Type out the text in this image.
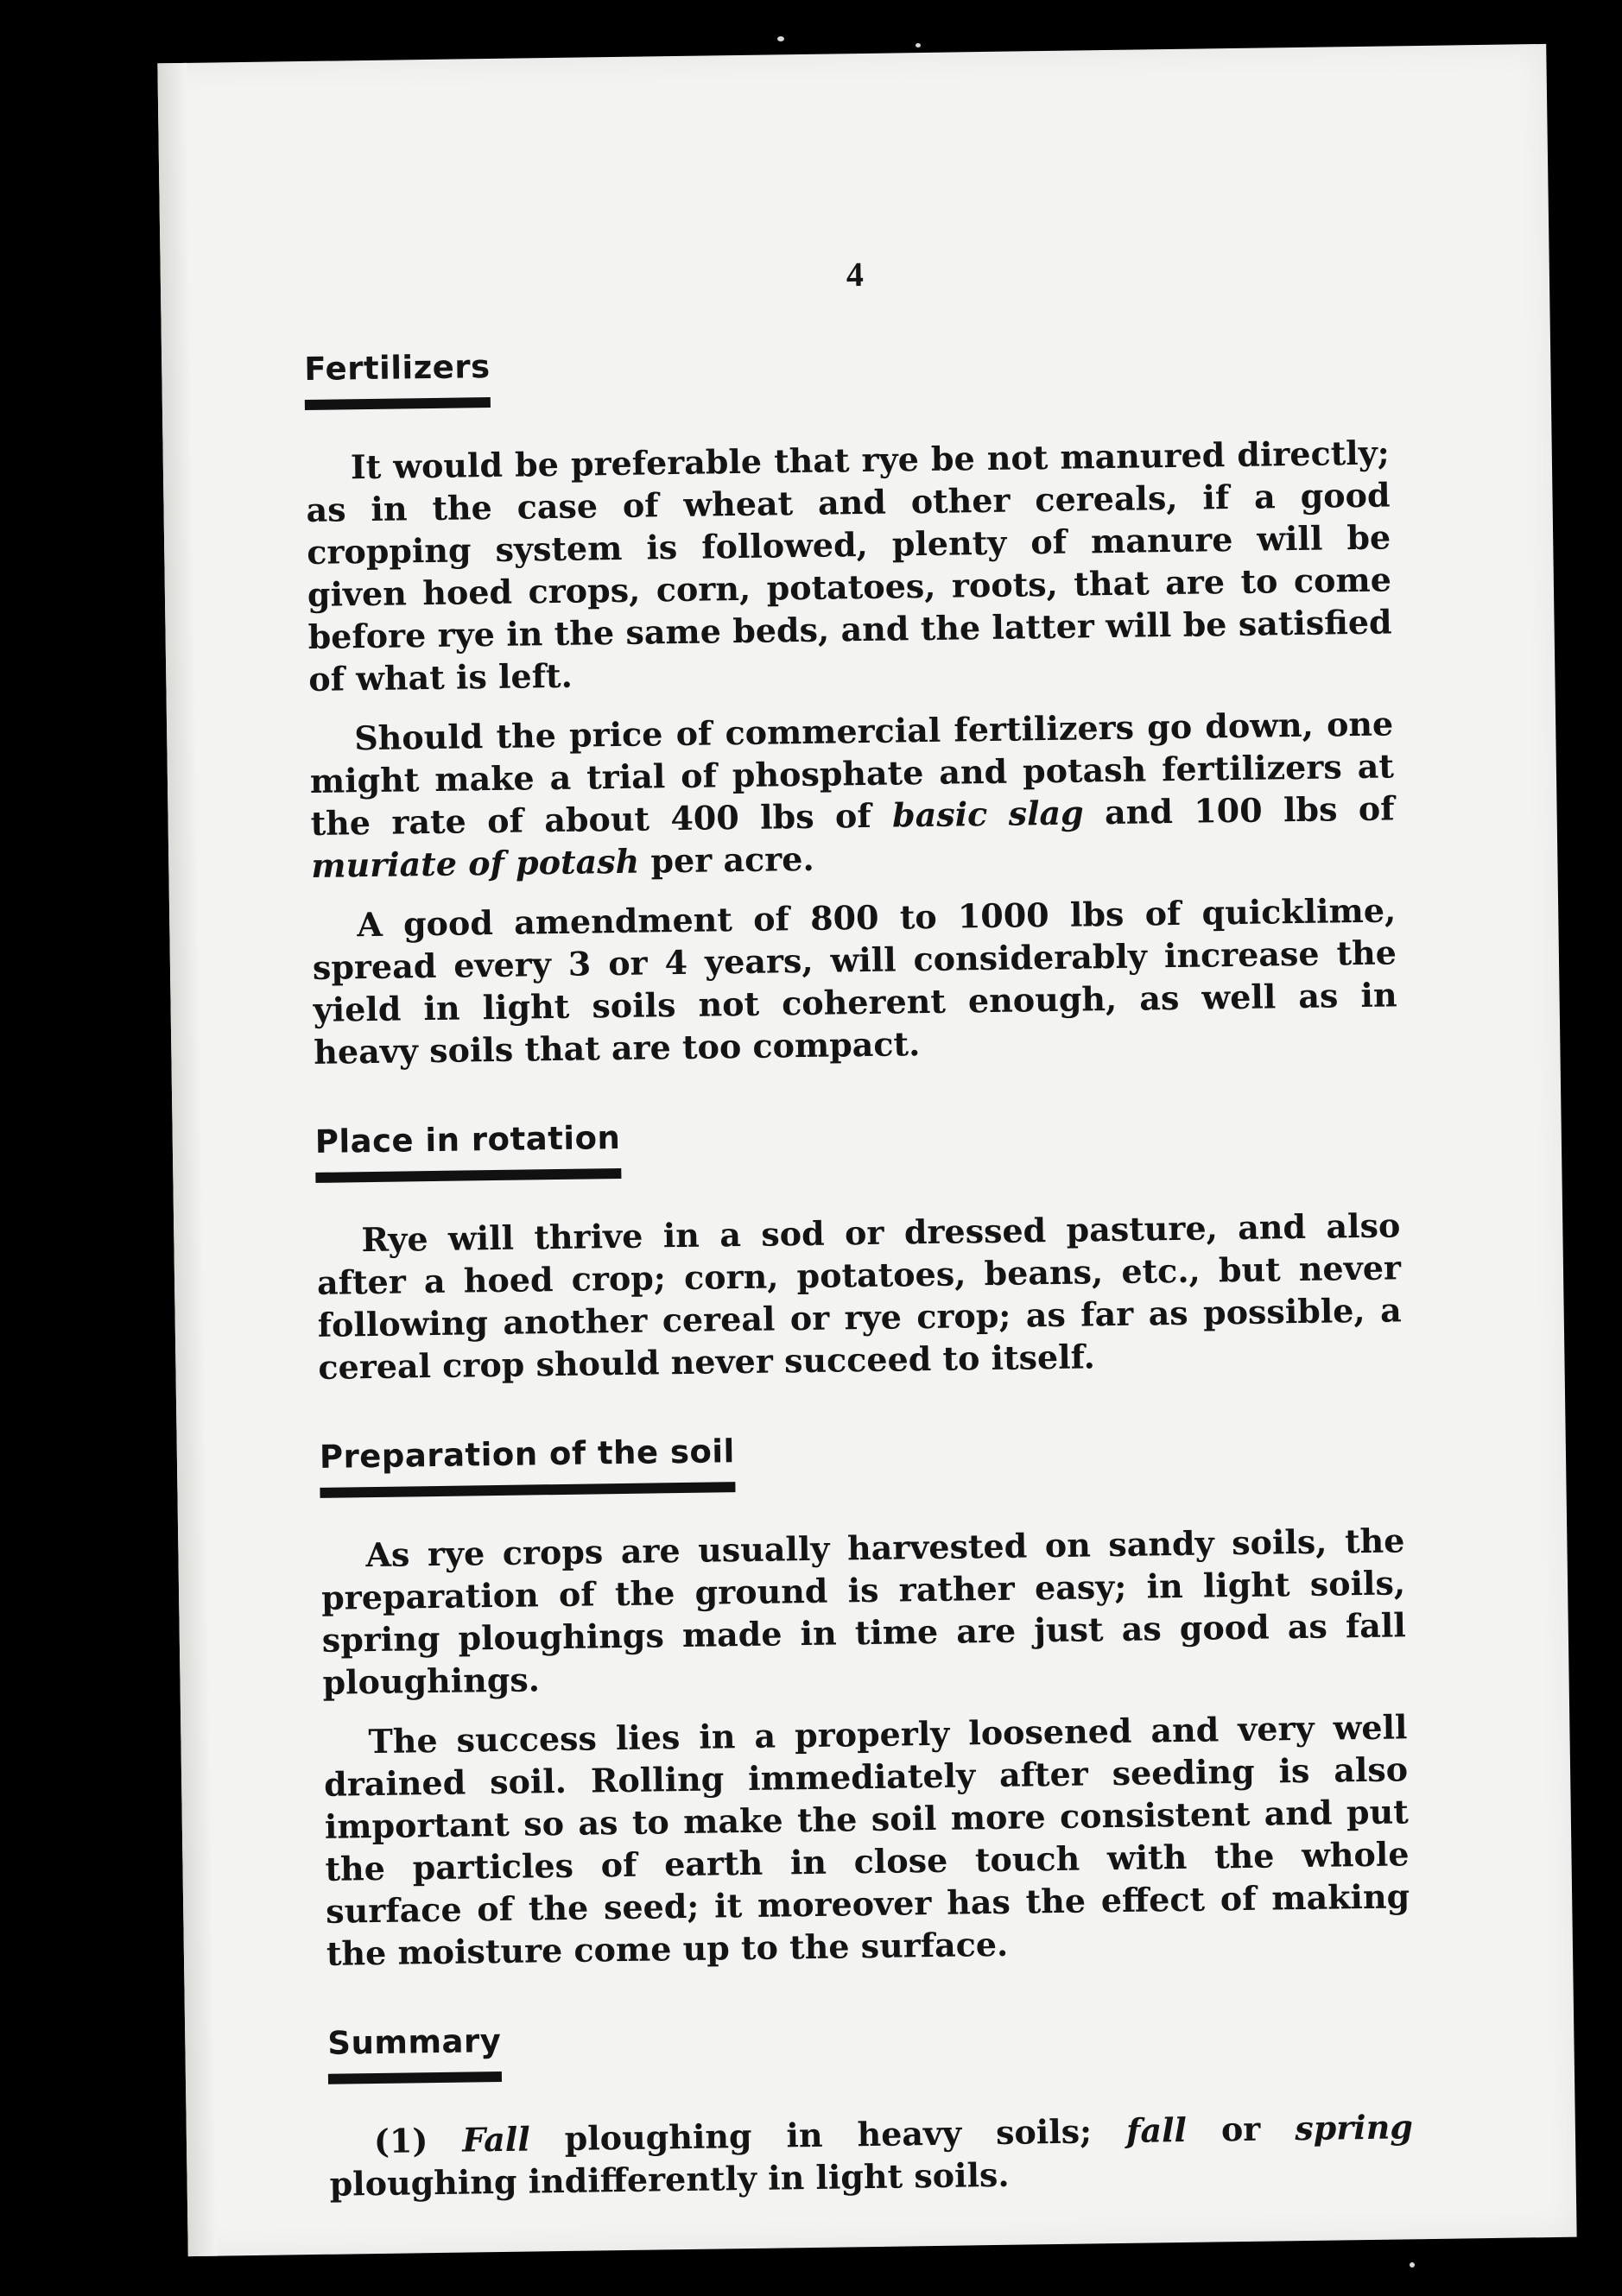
4
Fertilizers

It would be preferable that rye be not manured directly; as in the case of wheat and other cereals, if a good cropping system is followed, plenty of manure will be given hoed crops, corn, potatoes, roots, that are to come before rye in the same beds, and the latter will be satisfied of what is left.

Should the price of commercial fertilizers go down, one might make a trial of phosphate and potash fertilizers at the rate of about 400 lbs of basic slag and 100 lbs of muriate of potash per acre.

A good amendment of 800 to 1000 lbs of quicklime, spread every 3 or 4 years, will considerably increase the yield in light soils not coherent enough, as well as in heavy soils that are too compact.

Place in rotation

Rye will thrive in a sod or dressed pasture, and also after a hoed crop; corn, potatoes, beans, etc., but never following another cereal or rye crop; as far as possible, a cereal crop should never succeed to itself.

Preparation of the soil

As rye crops are usually harvested on sandy soils, the preparation of the ground is rather easy; in light soils, spring ploughings made in time are just as good as fall ploughings.

The success lies in a properly loosened and very well drained soil. Rolling immediately after seeding is also important so as to make the soil more consistent and put the particles of earth in close touch with the whole surface of the seed; it moreover has the effect of making the moisture come up to the surface.

Summary

(1) Fall ploughing in heavy soils; fall or spring ploughing indifferently in light soils.
